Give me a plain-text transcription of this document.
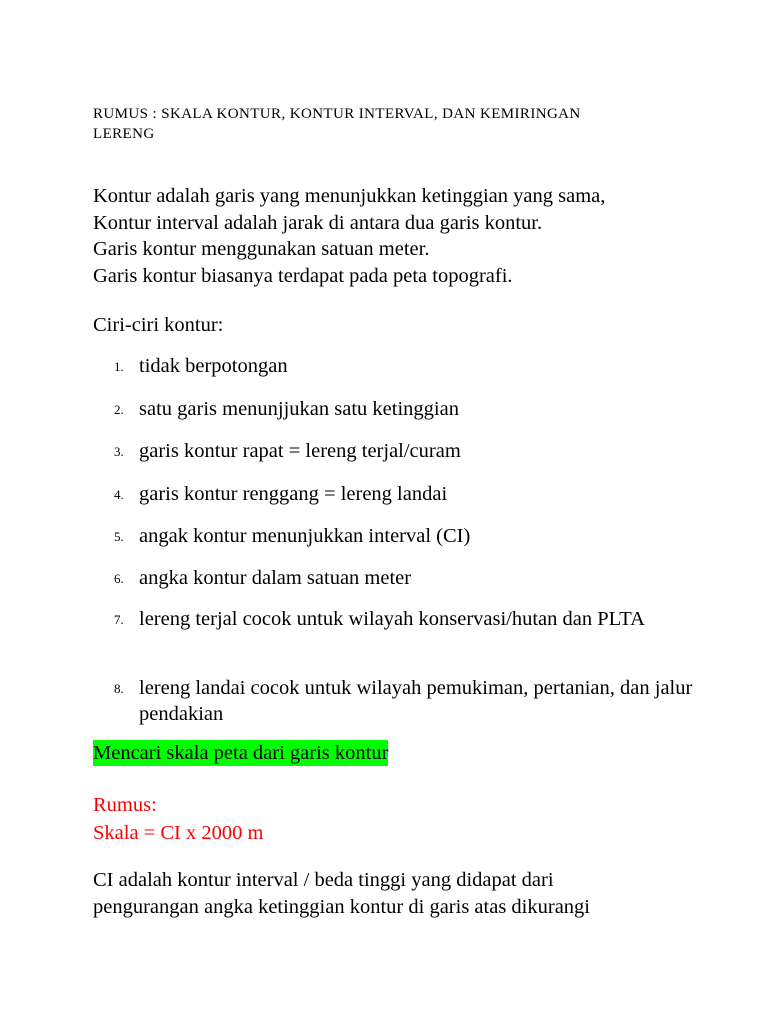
RUMUS : SKALA KONTUR, KONTUR INTERVAL, DAN KEMIRINGAN
LERENG
Kontur adalah garis yang menunjukkan ketinggian yang sama,
Kontur interval adalah jarak di antara dua garis kontur.
Garis kontur menggunakan satuan meter.
Garis kontur biasanya terdapat pada peta topografi.
Ciri-ciri kontur:
1. tidak berpotongan
2. satu garis menunjjukan satu ketinggian
3. garis kontur rapat = lereng terjal/curam
4. garis kontur renggang = lereng landai
5. angak kontur menunjukkan interval (CI)
6. angka kontur dalam satuan meter
7. lereng terjal cocok untuk wilayah konservasi/hutan dan PLTA
8. lereng landai cocok untuk wilayah pemukiman, pertanian, dan jalur pendakian
Mencari skala peta dari garis kontur
Rumus:
Skala = CI x 2000 m
CI adalah kontur interval / beda tinggi yang didapat dari
pengurangan angka ketinggian kontur di garis atas dikurangi
